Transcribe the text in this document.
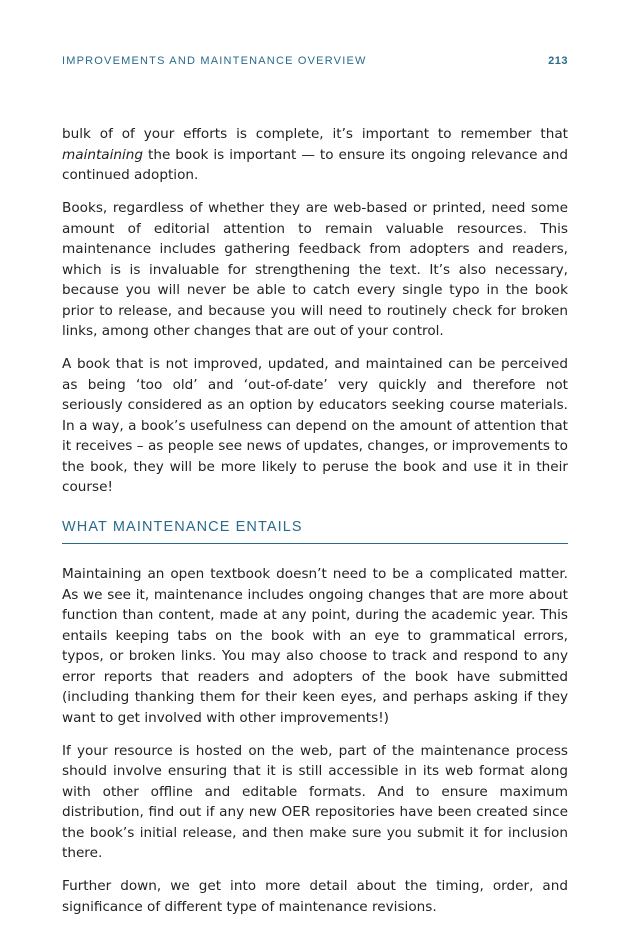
IMPROVEMENTS AND MAINTENANCE OVERVIEW	213

bulk of of your efforts is complete, it’s important to remember that maintaining the book is important — to ensure its ongoing relevance and continued adoption.

Books, regardless of whether they are web-based or printed, need some amount of editorial attention to remain valuable resources. This maintenance includes gathering feedback from adopters and readers, which is is invaluable for strengthening the text. It’s also necessary, because you will never be able to catch every single typo in the book prior to release, and because you will need to routinely check for broken links, among other changes that are out of your control.

A book that is not improved, updated, and maintained can be perceived as being ‘too old’ and ‘out-of-date’ very quickly and therefore not seriously considered as an option by educators seeking course materials. In a way, a book’s usefulness can depend on the amount of attention that it receives – as people see news of updates, changes, or improvements to the book, they will be more likely to peruse the book and use it in their course!

WHAT MAINTENANCE ENTAILS

Maintaining an open textbook doesn’t need to be a complicated matter. As we see it, maintenance includes ongoing changes that are more about function than content, made at any point, during the academic year. This entails keeping tabs on the book with an eye to grammatical errors, typos, or broken links. You may also choose to track and respond to any error reports that readers and adopters of the book have submitted (including thanking them for their keen eyes, and perhaps asking if they want to get involved with other improvements!)

If your resource is hosted on the web, part of the maintenance process should involve ensuring that it is still accessible in its web format along with other offline and editable formats. And to ensure maximum distribution, find out if any new OER repositories have been created since the book’s initial release, and then make sure you submit it for inclusion there.

Further down, we get into more detail about the timing, order, and significance of different type of maintenance revisions.
